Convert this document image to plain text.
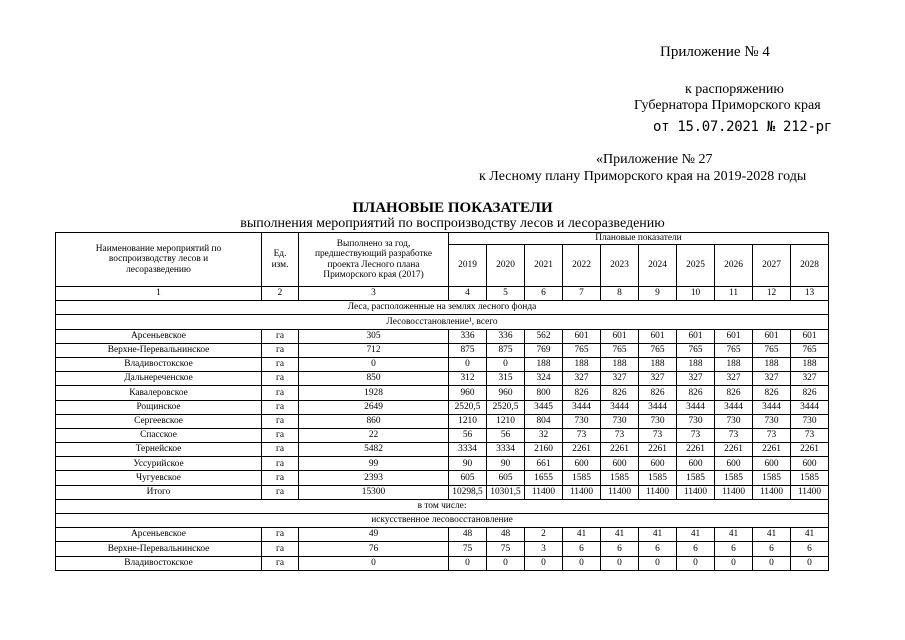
Приложение № 4
к распоряжению
Губернатора Приморского края
от 15.07.2021 № 212-рг
«Приложение № 27
к Лесному плану Приморского края на 2019-2028 годы
ПЛАНОВЫЕ ПОКАЗАТЕЛИ
выполнения мероприятий по воспроизводству лесов и лесоразведению
Наименование мероприятий по воспроизводству лесов и лесоразведению	Ед. изм.	Выполнено за год, предшествующий разработке проекта Лесного плана Приморского края (2017)	Плановые показатели									
			2019	2020	2021	2022	2023	2024	2025	2026	2027	2028
1	2	3	4	5	6	7	8	9	10	11	12	13
Леса, расположенные на землях лесного фонда												
Лесовосстановление¹, всего												
Арсеньевское	га	305	336	336	562	601	601	601	601	601	601	601
Верхне-Перевальнинское	га	712	875	875	769	765	765	765	765	765	765	765
Владивостокское	га	0	0	0	188	188	188	188	188	188	188	188
Дальнереченское	га	850	312	315	324	327	327	327	327	327	327	327
Кавалеровское	га	1928	960	960	800	826	826	826	826	826	826	826
Рощинское	га	2649	2520,5	2520,5	3445	3444	3444	3444	3444	3444	3444	3444
Сергеевское	га	860	1210	1210	804	730	730	730	730	730	730	730
Спасское	га	22	56	56	32	73	73	73	73	73	73	73
Тернейское	га	5482	3334	3334	2160	2261	2261	2261	2261	2261	2261	2261
Уссурийское	га	99	90	90	661	600	600	600	600	600	600	600
Чугуевское	га	2393	605	605	1655	1585	1585	1585	1585	1585	1585	1585
Итого	га	15300	10298,5	10301,5	11400	11400	11400	11400	11400	11400	11400	11400
в том числе:												
искусственное лесовосстановление												
Арсеньевское	га	49	48	48	2	41	41	41	41	41	41	41
Верхне-Перевальнинское	га	76	75	75	3	6	6	6	6	6	6	6
Владивостокское	га	0	0	0	0	0	0	0	0	0	0	0
